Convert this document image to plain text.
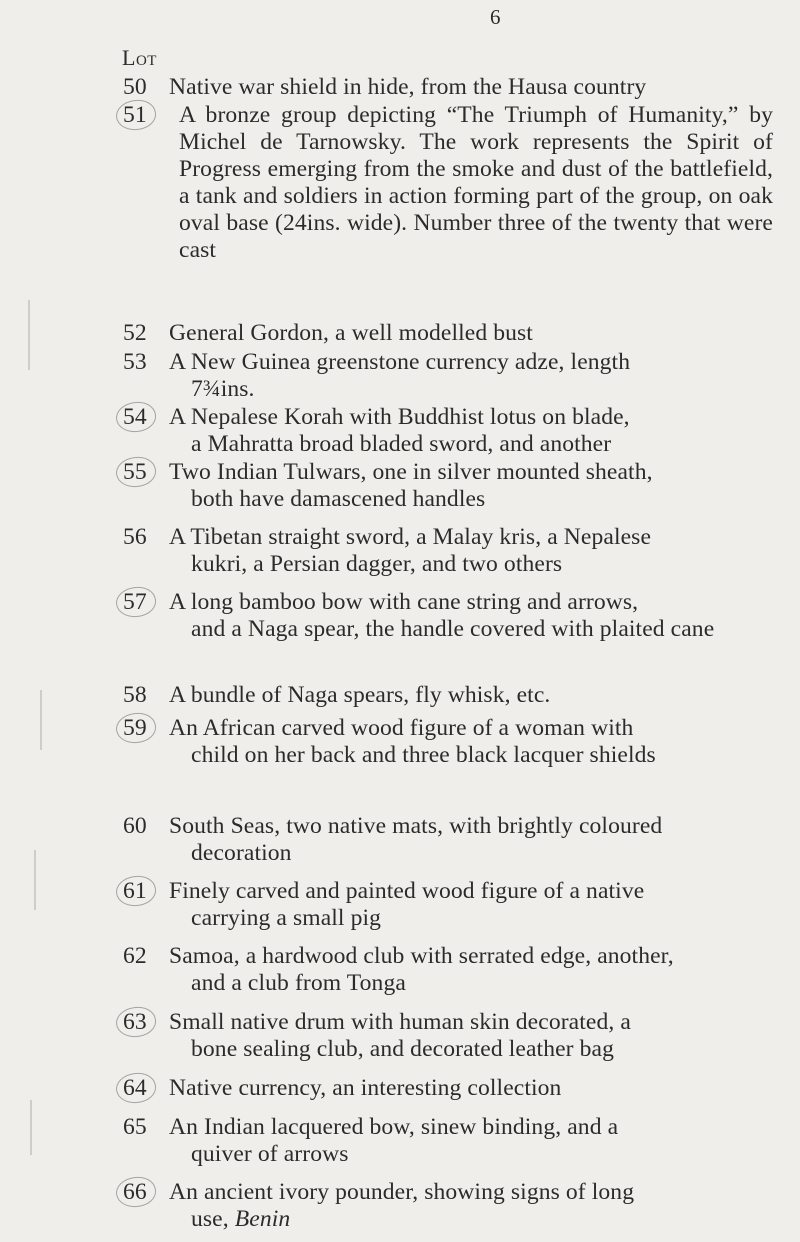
6
Lot
50 Native war shield in hide, from the Hausa country
51	A bronze group depicting “The Triumph of Humanity,” by Michel de Tarnowsky. The work represents the Spirit of Progress emerging from the smoke and dust of the battlefield, a tank and soldiers in action forming part of the group, on oak oval base (24ins. wide). Number three of the twenty that were cast
52 General Gordon, a well modelled bust
53 A New Guinea greenstone currency adze, length
7¾ins.
54 A Nepalese Korah with Buddhist lotus on blade,
a Mahratta broad bladed sword, and another
55 Two Indian Tulwars, one in silver mounted sheath,
both have damascened handles
56 A Tibetan straight sword, a Malay kris, a Nepalese
kukri, a Persian dagger, and two others
57 A long bamboo bow with cane string and arrows,
and a Naga spear, the handle covered with plaited cane
58 A bundle of Naga spears, fly whisk, etc.
59 An African carved wood figure of a woman with
child on her back and three black lacquer shields
60 South Seas, two native mats, with brightly coloured
decoration
61 Finely carved and painted wood figure of a native
carrying a small pig
62 Samoa, a hardwood club with serrated edge, another,
and a club from Tonga
63 Small native drum with human skin decorated, a
bone sealing club, and decorated leather bag
64 Native currency, an interesting collection
65 An Indian lacquered bow, sinew binding, and a
quiver of arrows
66 An ancient ivory pounder, showing signs of long
use, Benin
